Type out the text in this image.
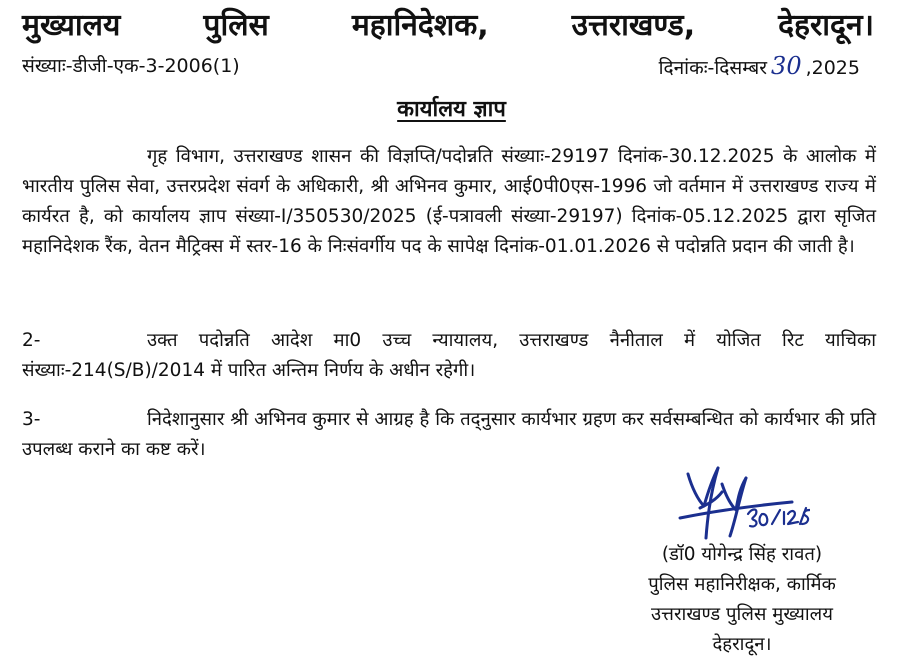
मुख्यालय	पुलिस	महानिदेशक,	उत्तराखण्ड,	देहरादून।
संख्याः-डीजी-एक-3-2006(1)	दिनांकः-दिसम्बर 30 ,2025
कार्यालय ज्ञाप

गृह विभाग, उत्तराखण्ड शासन की विज्ञप्ति/पदोन्नति संख्याः-29197 दिनांक-30.12.2025 के आलोक में भारतीय पुलिस सेवा, उत्तरप्रदेश संवर्ग के अधिकारी, श्री अभिनव कुमार, आई0पी0एस-1996 जो वर्तमान में उत्तराखण्ड राज्य में कार्यरत है, को कार्यालय ज्ञाप संख्या-I/350530/2025 (ई-पत्रावली संख्या-29197) दिनांक-05.12.2025 द्वारा सृजित महानिदेशक रैंक, वेतन मैट्रिक्स में स्तर-16 के निःसंवर्गीय पद के सापेक्ष दिनांक-01.01.2026 से पदोन्नति प्रदान की जाती है।

2-	उक्त पदोन्नति आदेश मा0 उच्च न्यायालय, उत्तराखण्ड नैनीताल में योजित रिट याचिका संख्याः-214(S/B)/2014 में पारित अन्तिम निर्णय के अधीन रहेगी।

3-	निदेशानुसार श्री अभिनव कुमार से आग्रह है कि तद्नुसार कार्यभार ग्रहण कर सर्वसम्बन्धित को कार्यभार की प्रति उपलब्ध कराने का कष्ट करें।

(डॉ0 योगेन्द्र सिंह रावत)
पुलिस महानिरीक्षक, कार्मिक
उत्तराखण्ड पुलिस मुख्यालय
देहरादून।
